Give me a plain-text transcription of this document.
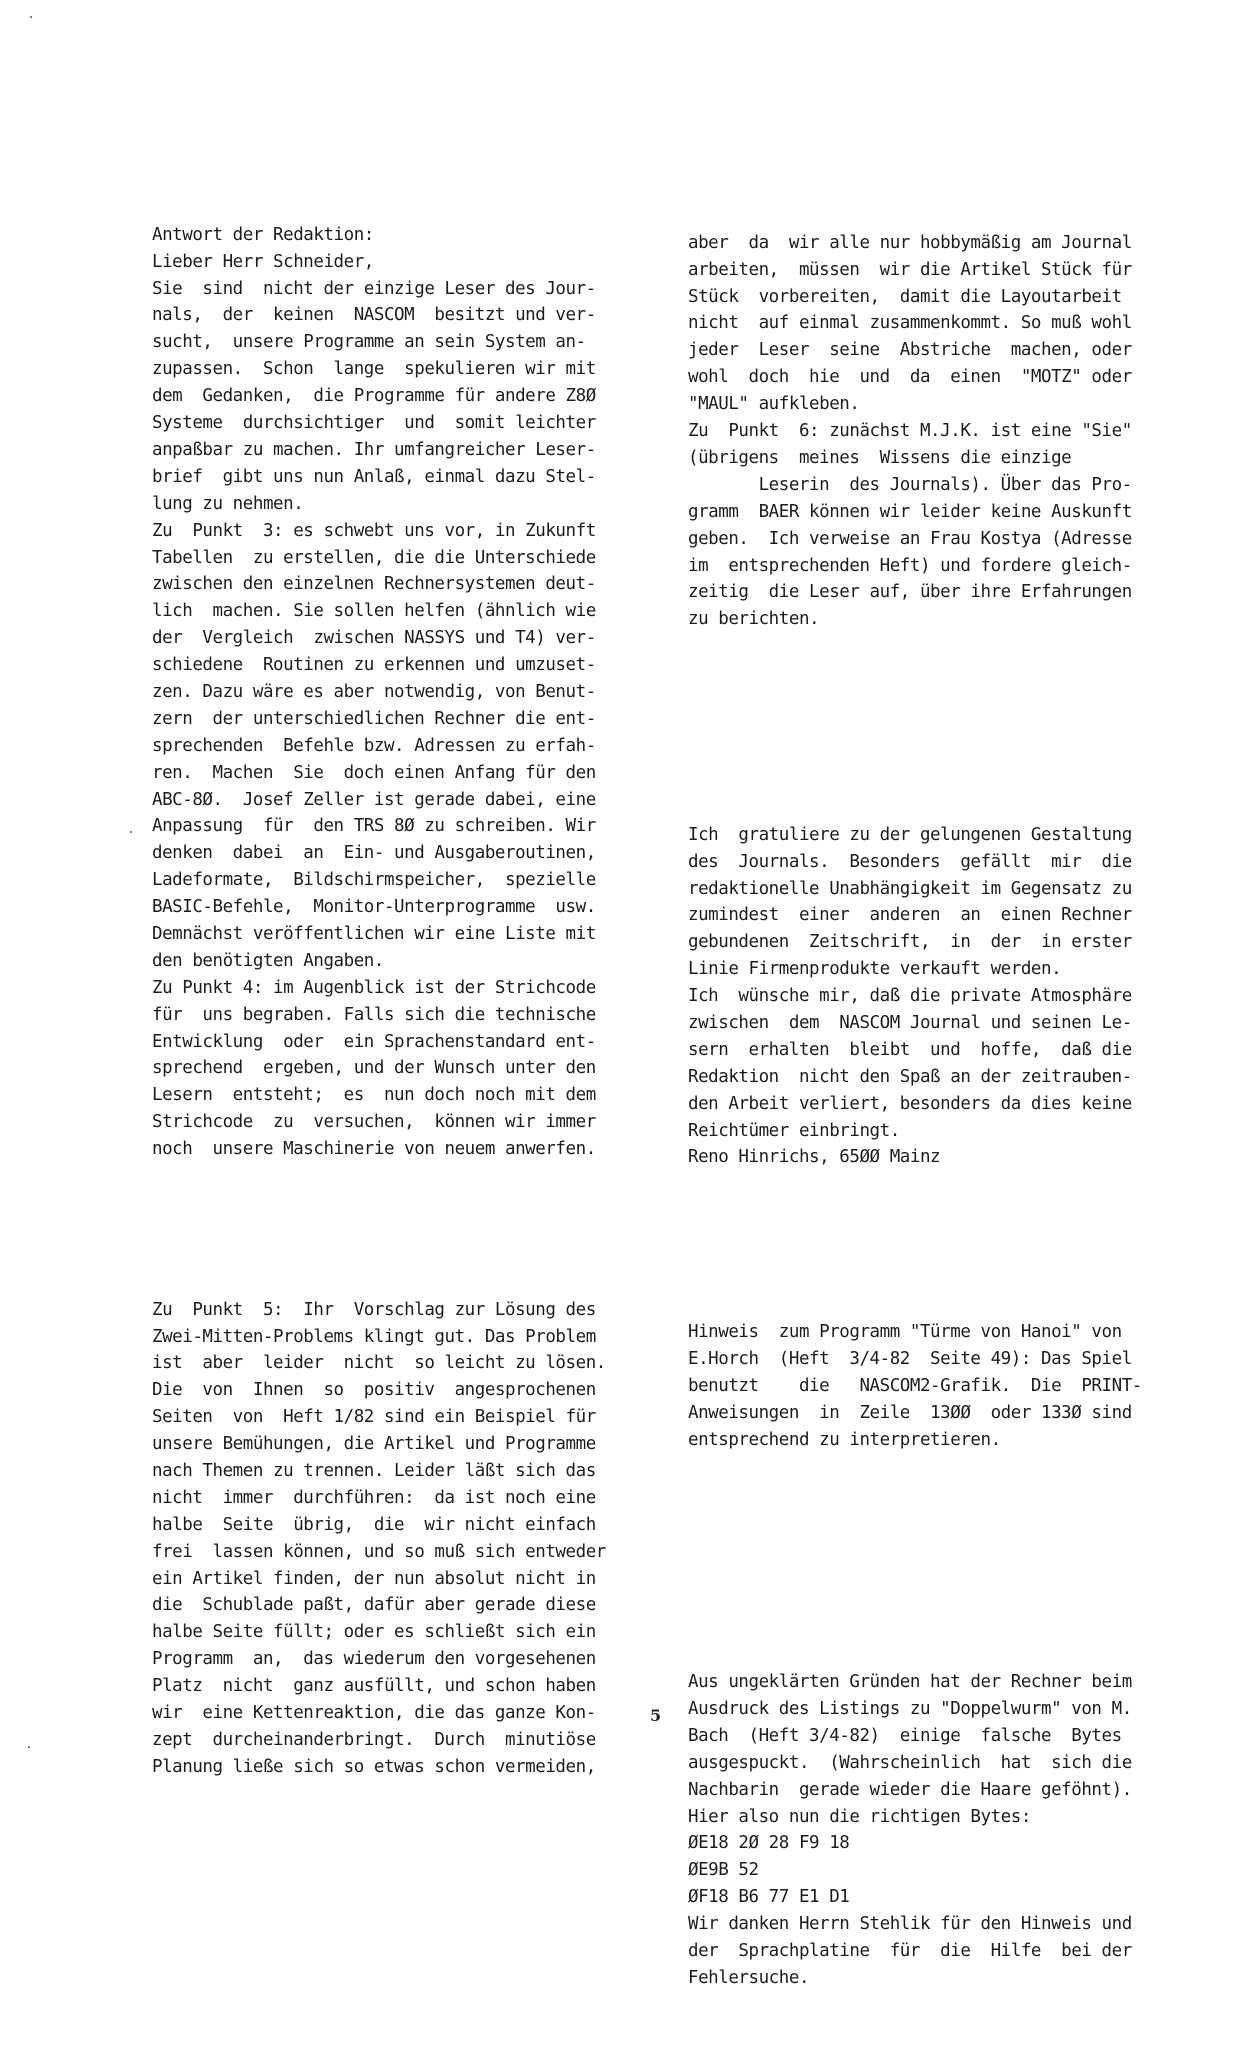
Antwort der Redaktion:
Lieber Herr Schneider,
Sie  sind  nicht der einzige Leser des Jour-
nals,  der  keinen  NASCOM  besitzt und ver-
sucht,  unsere Programme an sein System an-
zupassen.  Schon  lange  spekulieren wir mit
dem  Gedanken,  die Programme für andere Z8Ø
Systeme  durchsichtiger  und  somit leichter
anpaßbar zu machen. Ihr umfangreicher Leser-
brief  gibt uns nun Anlaß, einmal dazu Stel-
lung zu nehmen.
Zu  Punkt  3: es schwebt uns vor, in Zukunft
Tabellen  zu erstellen, die die Unterschiede
zwischen den einzelnen Rechnersystemen deut-
lich  machen. Sie sollen helfen (ähnlich wie
der  Vergleich  zwischen NASSYS und T4) ver-
schiedene  Routinen zu erkennen und umzuset-
zen. Dazu wäre es aber notwendig, von Benut-
zern  der unterschiedlichen Rechner die ent-
sprechenden  Befehle bzw. Adressen zu erfah-
ren.  Machen  Sie  doch einen Anfang für den
ABC-8Ø.  Josef Zeller ist gerade dabei, eine
Anpassung  für  den TRS 8Ø zu schreiben. Wir
denken  dabei  an  Ein- und Ausgaberoutinen,
Ladeformate,  Bildschirmspeicher,  spezielle
BASIC-Befehle,  Monitor-Unterprogramme  usw.
Demnächst veröffentlichen wir eine Liste mit
den benötigten Angaben.
Zu Punkt 4: im Augenblick ist der Strichcode
für  uns begraben. Falls sich die technische
Entwicklung  oder  ein Sprachenstandard ent-
sprechend  ergeben, und der Wunsch unter den
Lesern  entsteht;  es  nun doch noch mit dem
Strichcode  zu  versuchen,  können wir immer
noch  unsere Maschinerie von neuem anwerfen.

Zu  Punkt  5:  Ihr  Vorschlag zur Lösung des
Zwei-Mitten-Problems klingt gut. Das Problem
ist  aber  leider  nicht  so leicht zu lösen.
Die  von  Ihnen  so  positiv  angesprochenen
Seiten  von  Heft 1/82 sind ein Beispiel für
unsere Bemühungen, die Artikel und Programme
nach Themen zu trennen. Leider läßt sich das
nicht  immer  durchführen:  da ist noch eine
halbe  Seite  übrig,  die  wir nicht einfach
frei  lassen können, und so muß sich entweder
ein Artikel finden, der nun absolut nicht in
die  Schublade paßt, dafür aber gerade diese
halbe Seite füllt; oder es schließt sich ein
Programm  an,  das wiederum den vorgesehenen
Platz  nicht  ganz ausfüllt, und schon haben
wir  eine Kettenreaktion, die das ganze Kon-
zept  durcheinanderbringt.  Durch  minutiöse
Planung ließe sich so etwas schon vermeiden,

aber  da  wir alle nur hobbymäßig am Journal
arbeiten,  müssen  wir die Artikel Stück für
Stück  vorbereiten,  damit die Layoutarbeit
nicht  auf einmal zusammenkommt. So muß wohl
jeder  Leser  seine  Abstriche  machen, oder
wohl  doch  hie  und  da  einen  "MOTZ" oder
"MAUL" aufkleben.
Zu  Punkt  6: zunächst M.J.K. ist eine "Sie"
(übrigens  meines  Wissens die einzige
Leserin  des Journals). Über das Pro-
gramm  BAER können wir leider keine Auskunft
geben.  Ich verweise an Frau Kostya (Adresse
im  entsprechenden Heft) und fordere gleich-
zeitig  die Leser auf, über ihre Erfahrungen
zu berichten.

Ich  gratuliere zu der gelungenen Gestaltung
des  Journals.  Besonders  gefällt  mir  die
redaktionelle Unabhängigkeit im Gegensatz zu
zumindest  einer  anderen  an  einen Rechner
gebundenen  Zeitschrift,  in  der  in erster
Linie Firmenprodukte verkauft werden.
Ich  wünsche mir, daß die private Atmosphäre
zwischen  dem  NASCOM Journal und seinen Le-
sern  erhalten  bleibt  und  hoffe,  daß die
Redaktion  nicht den Spaß an der zeitrauben-
den Arbeit verliert, besonders da dies keine
Reichtümer einbringt.
Reno Hinrichs, 65ØØ Mainz

Hinweis  zum Programm "Türme von Hanoi" von
E.Horch  (Heft  3/4-82  Seite 49): Das Spiel
benutzt    die   NASCOM2-Grafik.  Die  PRINT-
Anweisungen  in  Zeile  13ØØ  oder 133Ø sind
entsprechend zu interpretieren.

Aus ungeklärten Gründen hat der Rechner beim
Ausdruck des Listings zu "Doppelwurm" von M.
Bach  (Heft 3/4-82)  einige  falsche  Bytes
ausgespuckt.  (Wahrscheinlich  hat  sich die
Nachbarin  gerade wieder die Haare geföhnt).
Hier also nun die richtigen Bytes:
ØE18 2Ø 28 F9 18
ØE9B 52
ØF18 B6 77 E1 D1
Wir danken Herrn Stehlik für den Hinweis und
der  Sprachplatine  für  die  Hilfe  bei der
Fehlersuche.

5
